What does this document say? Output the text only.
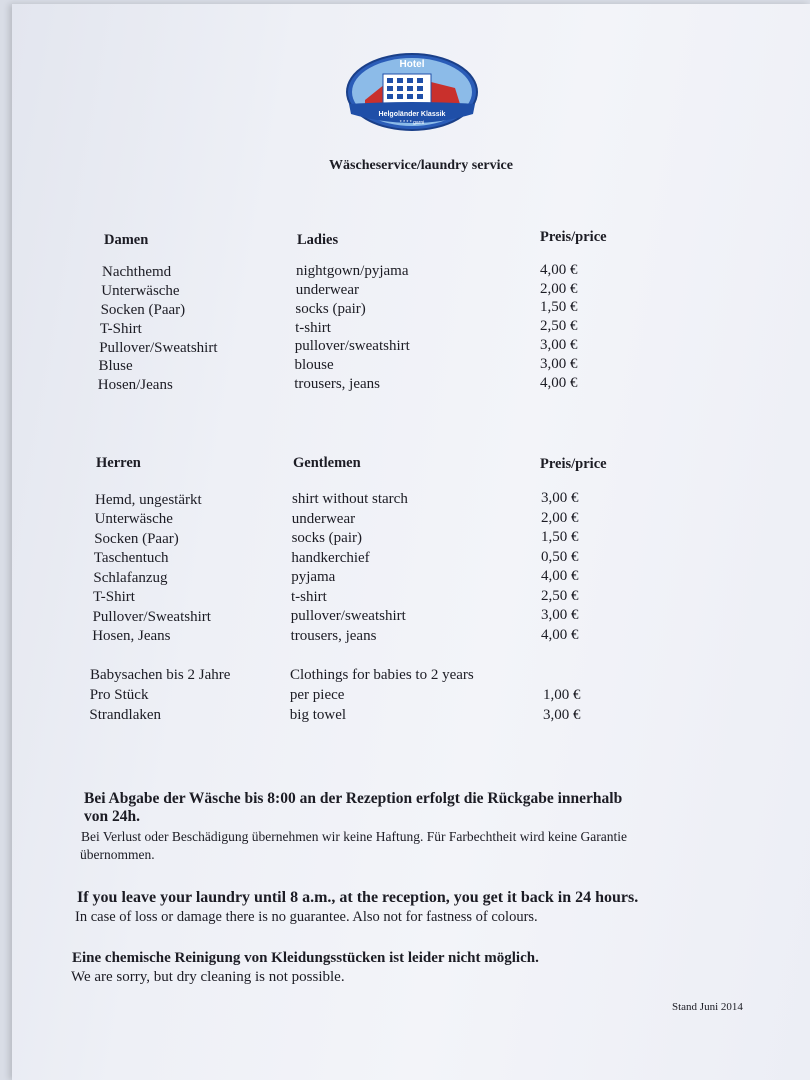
Hotel
Helgoländer Klassik
* * * * garni
Wäscheservice/laundry service
Damen	Ladies	Preis/price
Nachthemd	nightgown/pyjama	4,00 €
Unterwäsche	underwear	2,00 €
Socken (Paar)	socks (pair)	1,50 €
T-Shirt	t-shirt	2,50 €
Pullover/Sweatshirt	pullover/sweatshirt	3,00 €
Bluse	blouse	3,00 €
Hosen/Jeans	trousers, jeans	4,00 €
Herren	Gentlemen	Preis/price
Hemd, ungestärkt	shirt without starch	3,00 €
Unterwäsche	underwear	2,00 €
Socken (Paar)	socks (pair)	1,50 €
Taschentuch	handkerchief	0,50 €
Schlafanzug	pyjama	4,00 €
T-Shirt	t-shirt	2,50 €
Pullover/Sweatshirt	pullover/sweatshirt	3,00 €
Hosen, Jeans	trousers, jeans	4,00 €
Babysachen bis 2 Jahre	Clothings for babies to 2 years
Pro Stück	per piece	1,00 €
Strandlaken	big towel	3,00 €
Bei Abgabe der Wäsche bis 8:00 an der Rezeption erfolgt die Rückgabe innerhalb
von 24h.
Bei Verlust oder Beschädigung übernehmen wir keine Haftung. Für Farbechtheit wird keine Garantie
übernommen.
If you leave your laundry until 8 a.m., at the reception, you get it back in 24 hours.
In case of loss or damage there is no guarantee. Also not for fastness of colours.
Eine chemische Reinigung von Kleidungsstücken ist leider nicht möglich.
We are sorry, but dry cleaning is not possible.
Stand Juni 2014
